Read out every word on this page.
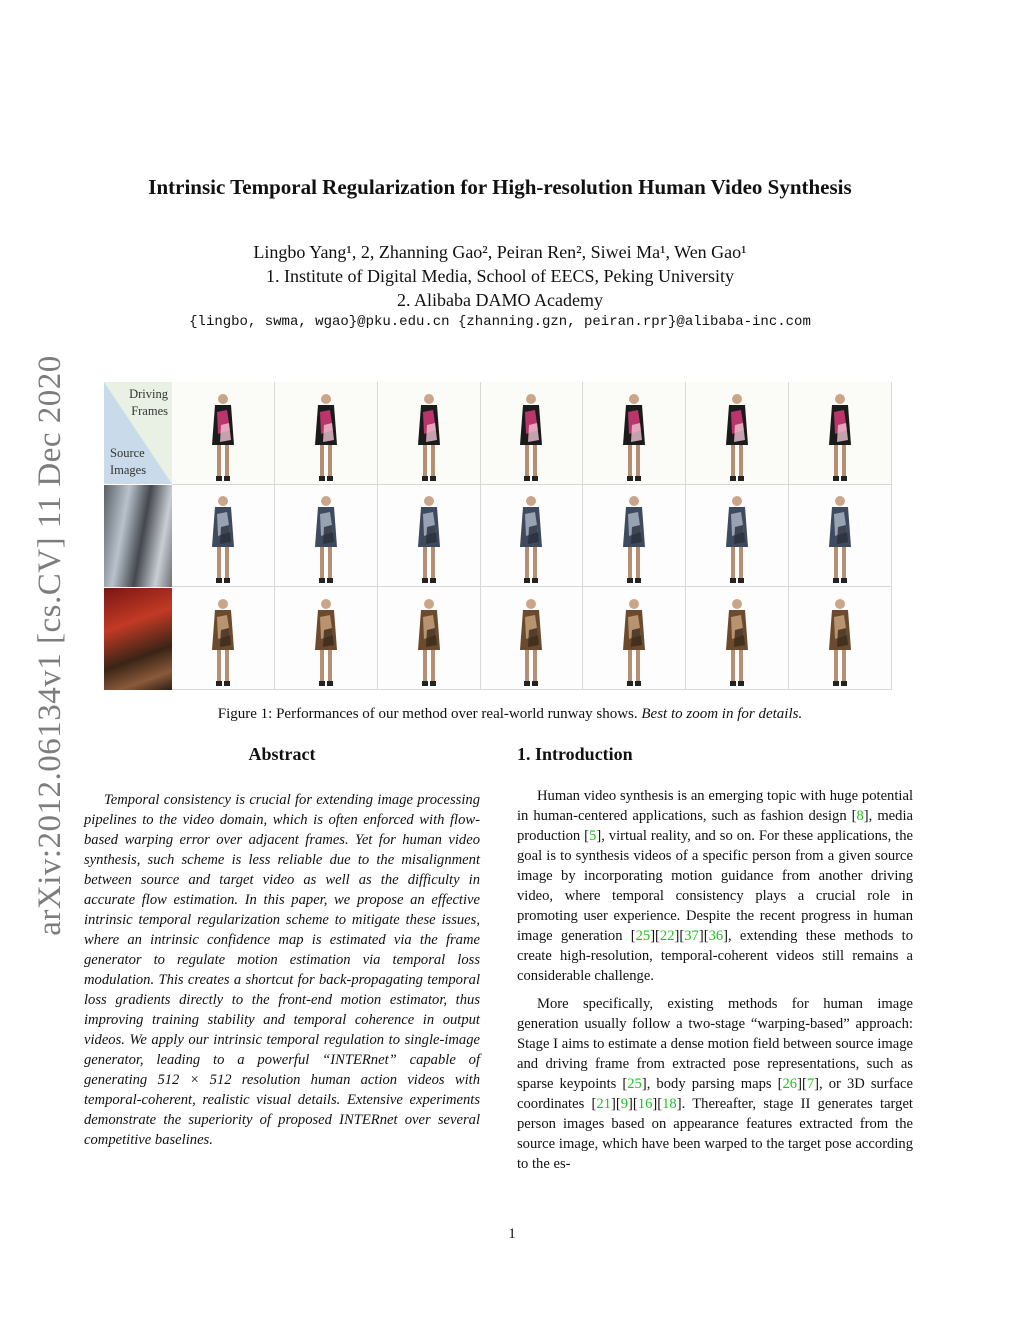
arXiv:2012.06134v1 [cs.CV] 11 Dec 2020
Intrinsic Temporal Regularization for High-resolution Human Video Synthesis
Lingbo Yang¹, 2, Zhanning Gao², Peiran Ren², Siwei Ma¹, Wen Gao¹
1. Institute of Digital Media, School of EECS, Peking University
2. Alibaba DAMO Academy
{lingbo, swma, wgao}@pku.edu.cn {zhanning.gzn, peiran.rpr}@alibaba-inc.com
Driving
Frames
Source
Images
Figure 1: Performances of our method over real-world runway shows. Best to zoom in for details.
Abstract
Temporal consistency is crucial for extending image processing pipelines to the video domain, which is often enforced with flow-based warping error over adjacent frames. Yet for human video synthesis, such scheme is less reliable due to the misalignment between source and target video as well as the difficulty in accurate flow estimation. In this paper, we propose an effective intrinsic temporal regularization scheme to mitigate these issues, where an intrinsic confidence map is estimated via the frame generator to regulate motion estimation via temporal loss modulation. This creates a shortcut for back-propagating temporal loss gradients directly to the front-end motion estimator, thus improving training stability and temporal coherence in output videos. We apply our intrinsic temporal regulation to single-image generator, leading to a powerful “INTERnet” capable of generating 512 × 512 resolution human action videos with temporal-coherent, realistic visual details. Extensive experiments demonstrate the superiority of proposed INTERnet over several competitive baselines.
1. Introduction

Human video synthesis is an emerging topic with huge potential in human-centered applications, such as fashion design [8], media production [5], virtual reality, and so on. For these applications, the goal is to synthesis videos of a specific person from a given source image by incorporating motion guidance from another driving video, where temporal consistency plays a crucial role in promoting user experience. Despite the recent progress in human image generation [25][22][37][36], extending these methods to create high-resolution, temporal-coherent videos still remains a considerable challenge.

More specifically, existing methods for human image generation usually follow a two-stage “warping-based” approach: Stage I aims to estimate a dense motion field between source image and driving frame from extracted pose representations, such as sparse keypoints [25], body parsing maps [26][7], or 3D surface coordinates [21][9][16][18]. Thereafter, stage II generates target person images based on appearance features extracted from the source image, which have been warped to the target pose according to the es-

1
